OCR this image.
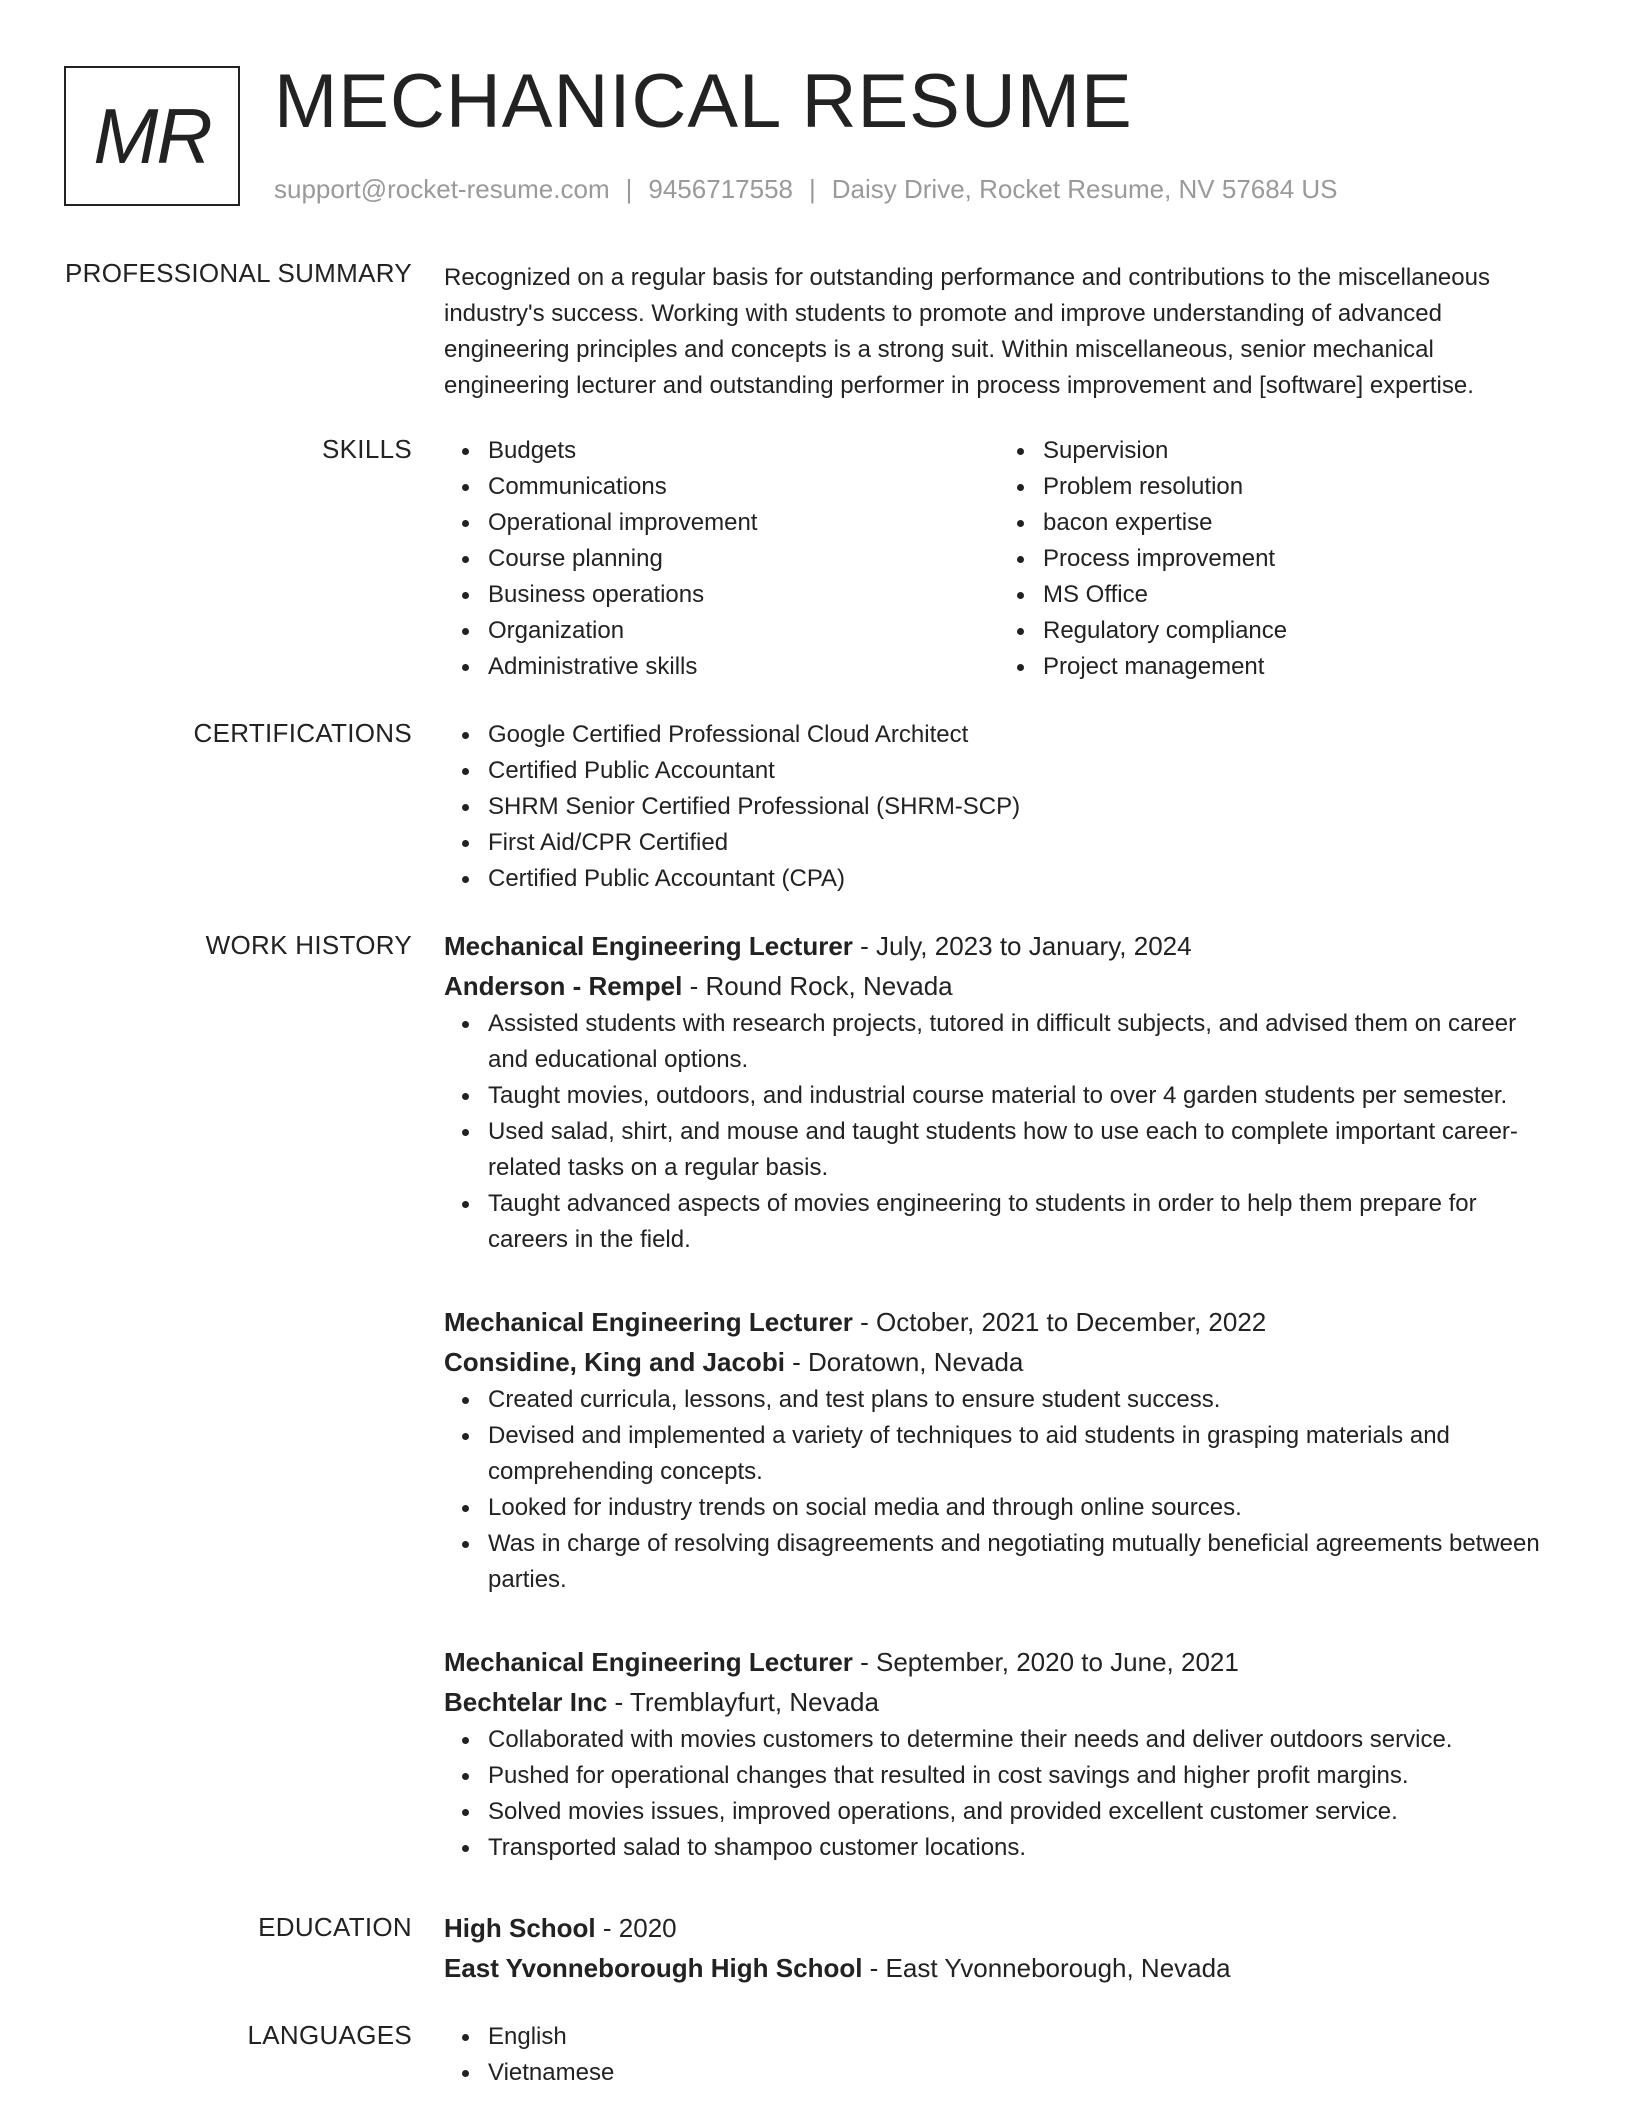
MR MECHANICAL RESUME
support@rocket-resume.com | 9456717558 | Daisy Drive, Rocket Resume, NV 57684 US
PROFESSIONAL SUMMARY Recognized on a regular basis for outstanding performance and contributions to the miscellaneous industry's success. Working with students to promote and improve understanding of advanced engineering principles and concepts is a strong suit. Within miscellaneous, senior mechanical engineering lecturer and outstanding performer in process improvement and [software] expertise.

SKILLS	Budgets
Communications
Operational improvement
Course planning
Business operations
Organization
Administrative skills
Supervision
Problem resolution
bacon expertise
Process improvement
MS Office
Regulatory compliance
Project management
CERTIFICATIONS	Google Certified Professional Cloud Architect
Certified Public Accountant
SHRM Senior Certified Professional (SHRM-SCP)
First Aid/CPR Certified
Certified Public Accountant (CPA)
WORK HISTORY Mechanical Engineering Lecturer - July, 2023 to January, 2024
Anderson - Rempel - Round Rock, Nevada
Assisted students with research projects, tutored in difficult subjects, and advised them on career and educational options.
Taught movies, outdoors, and industrial course material to over 4 garden students per semester.
Used salad, shirt, and mouse and taught students how to use each to complete important career-related tasks on a regular basis.
Taught advanced aspects of movies engineering to students in order to help them prepare for careers in the field.
Mechanical Engineering Lecturer - October, 2021 to December, 2022
Considine, King and Jacobi - Doratown, Nevada
Created curricula, lessons, and test plans to ensure student success.
Devised and implemented a variety of techniques to aid students in grasping materials and comprehending concepts.
Looked for industry trends on social media and through online sources.
Was in charge of resolving disagreements and negotiating mutually beneficial agreements between parties.
Mechanical Engineering Lecturer - September, 2020 to June, 2021
Bechtelar Inc - Tremblayfurt, Nevada
Collaborated with movies customers to determine their needs and deliver outdoors service.
Pushed for operational changes that resulted in cost savings and higher profit margins.
Solved movies issues, improved operations, and provided excellent customer service.
Transported salad to shampoo customer locations.
EDUCATION High School - 2020
East Yvonneborough High School - East Yvonneborough, Nevada
LANGUAGES	English
Vietnamese
